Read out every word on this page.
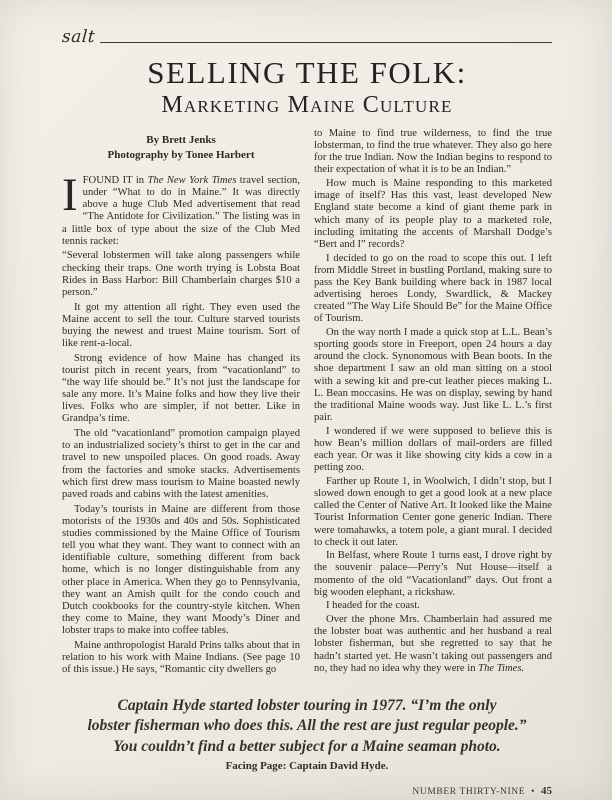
salt
SELLING THE FOLK:
Marketing Maine Culture
By Brett Jenks
Photography by Tonee Harbert

IFOUND IT in The New York Times travel section, under “What to do in Maine.” It was directly above a huge Club Med advertisement that read “The Antidote for Civilization.” The listing was in a little box of type about the size of the Club Med tennis racket:

“Several lobstermen will take along passengers while checking their traps. One worth trying is Lobsta Boat Rides in Bass Harbor: Bill Chamberlain charges $10 a person.”

It got my attention all right. They even used the Maine accent to sell the tour. Culture starved tourists buying the newest and truest Maine tourism. Sort of like rent-a-local.

Strong evidence of how Maine has changed its tourist pitch in recent years, from “vacationland” to “the way life should be.” It’s not just the landscape for sale any more. It’s Maine folks and how they live their lives. Folks who are simpler, if not better. Like in Grandpa’s time.

The old “vacationland” promotion campaign played to an industrialized society’s thirst to get in the car and travel to new unspoiled places. On good roads. Away from the factories and smoke stacks. Advertisements which first drew mass tourism to Maine boasted newly paved roads and cabins with the latest amenities.

Today’s tourists in Maine are different from those motorists of the 1930s and 40s and 50s. Sophisticated studies commissioned by the Maine Office of Tourism tell you what they want. They want to connect with an identifiable culture, something different from back home, which is no longer distinguishable from any other place in America. When they go to Pennsylvania, they want an Amish quilt for the condo couch and Dutch cookbooks for the country-style kitchen. When they come to Maine, they want Moody’s Diner and lobster traps to make into coffee tables.

Maine anthropologist Harald Prins talks about that in relation to his work with Maine Indians. (See page 10 of this issue.) He says, “Romantic city dwellers go

to Maine to find true wilderness, to find the true lobsterman, to find the true whatever. They also go here for the true Indian. Now the Indian begins to respond to their expectation of what it is to be an Indian.”

How much is Maine responding to this marketed image of itself? Has this vast, least developed New England state become a kind of giant theme park in which many of its people play to a marketed role, including imitating the accents of Marshall Dodge’s “Bert and I” records?

I decided to go on the road to scope this out. I left from Middle Street in bustling Portland, making sure to pass the Key Bank building where back in 1987 local advertising heroes Londy, Swardlick, & Mackey created “The Way Life Should Be” for the Maine Office of Tourism.

On the way north I made a quick stop at L.L. Bean’s sporting goods store in Freeport, open 24 hours a day around the clock. Synonomous with Bean boots. In the shoe department I saw an old man sitting on a stool with a sewing kit and pre-cut leather pieces making L. L. Bean moccasins. He was on display, sewing by hand the traditional Maine woods way. Just like L. L.’s first pair.

I wondered if we were supposed to believe this is how Bean’s million dollars of mail-orders are filled each year. Or was it like showing city kids a cow in a petting zoo.

Farther up Route 1, in Woolwich, I didn’t stop, but I slowed down enough to get a good look at a new place called the Center of Native Art. It looked like the Maine Tourist Information Center gone generic Indian. There were tomahawks, a totem pole, a giant mural. I decided to check it out later.

In Belfast, where Route 1 turns east, I drove right by the souvenir palace—Perry’s Nut House—itself a momento of the old “Vacationland” days. Out front a big wooden elephant, a rickshaw.

I headed for the coast.

Over the phone Mrs. Chamberlain had assured me the lobster boat was authentic and her husband a real lobster fisherman, but she regretted to say that he hadn’t started yet. He wasn’t taking out passengers and no, they had no idea why they were in The Times.

Captain Hyde started lobster touring in 1977. “I’m the only
lobster fisherman who does this. All the rest are just regular people.”
You couldn’t find a better subject for a Maine seaman photo.
Facing Page: Captain David Hyde.
NUMBER THIRTY-NINE • 45
